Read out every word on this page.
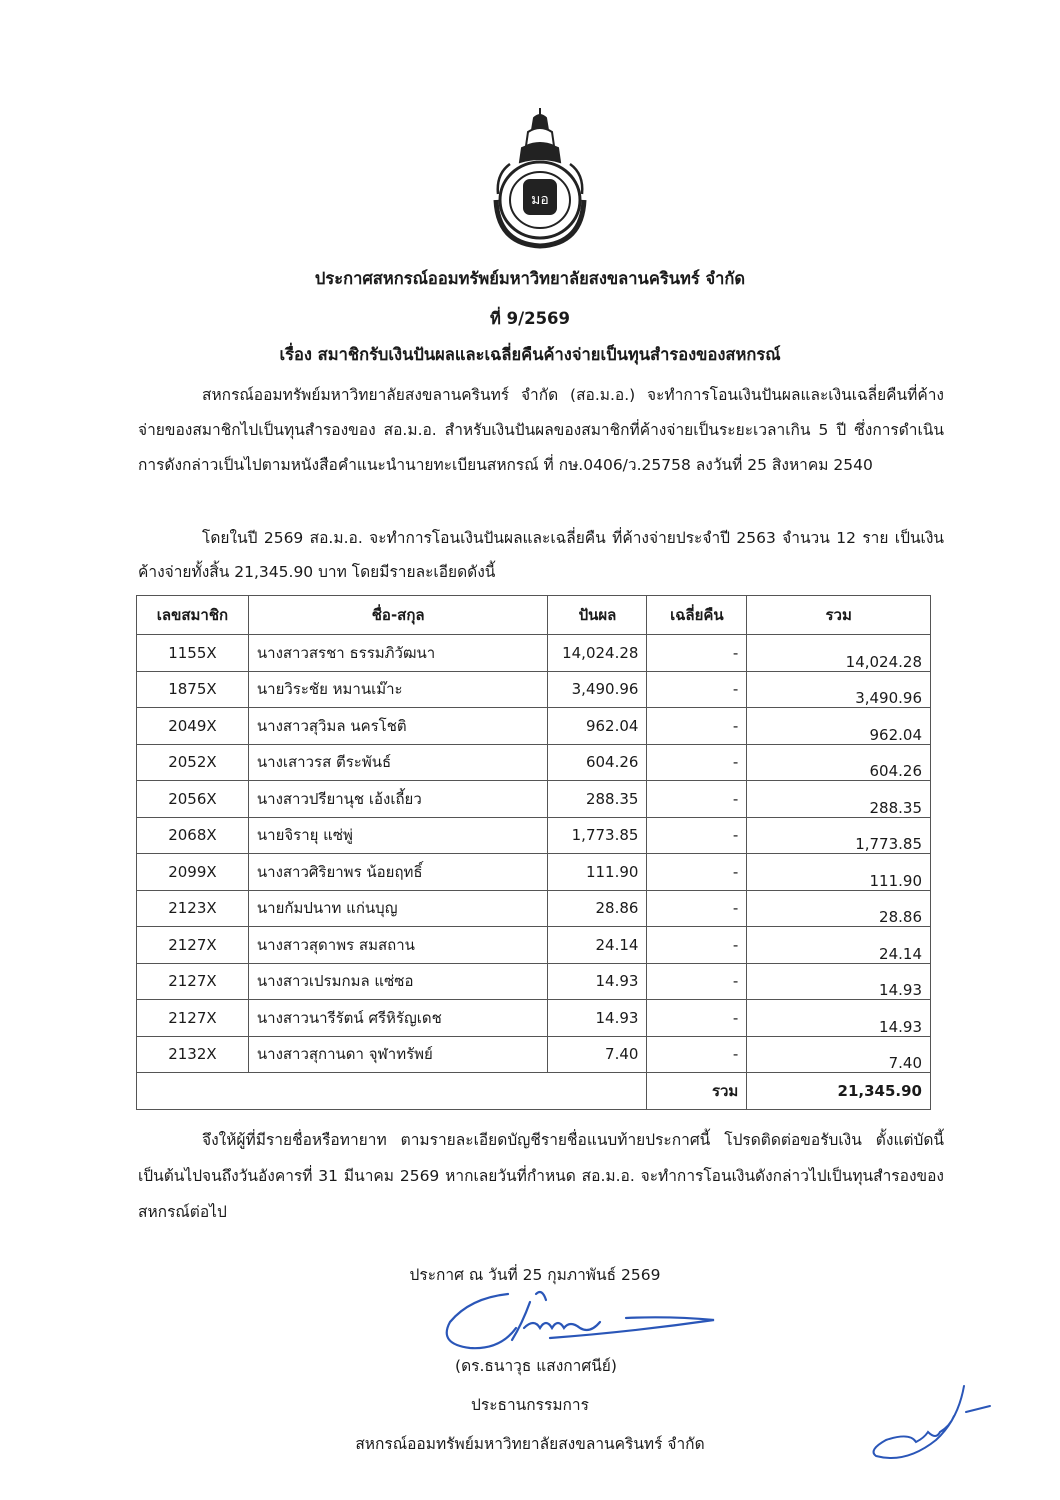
มอ
ประกาศสหกรณ์ออมทรัพย์มหาวิทยาลัยสงขลานครินทร์ จำกัด
ที่ 9/2569
เรื่อง สมาชิกรับเงินปันผลและเฉลี่ยคืนค้างจ่ายเป็นทุนสำรองของสหกรณ์

สหกรณ์ออมทรัพย์มหาวิทยาลัยสงขลานครินทร์ จำกัด (สอ.ม.อ.) จะทำการโอนเงินปันผลและเงินเฉลี่ยคืนที่ค้างจ่ายของสมาชิกไปเป็นทุนสำรองของ สอ.ม.อ. สำหรับเงินปันผลของสมาชิกที่ค้างจ่ายเป็นระยะเวลาเกิน 5 ปี ซึ่งการดำเนินการดังกล่าวเป็นไปตามหนังสือคำแนะนำนายทะเบียนสหกรณ์ ที่ กษ.0406/ว.25758 ลงวันที่ 25 สิงหาคม 2540

โดยในปี 2569 สอ.ม.อ. จะทำการโอนเงินปันผลและเฉลี่ยคืน ที่ค้างจ่ายประจำปี 2563 จำนวน 12 ราย เป็นเงินค้างจ่ายทั้งสิ้น 21,345.90 บาท โดยมีรายละเอียดดังนี้

เลขสมาชิก	ชื่อ-สกุล	ปันผล	เฉลี่ยคืน	รวม
1155X	นางสาวสรชา ธรรมภิวัฒนา	14,024.28	-	14,024.28
1875X	นายวิระชัย หมานเม๊าะ	3,490.96	-	3,490.96
2049X	นางสาวสุวิมล นครโชติ	962.04	-	962.04
2052X	นางเสาวรส ตีระพันธ์	604.26	-	604.26
2056X	นางสาวปรียานุช เอ้งเถี้ยว	288.35	-	288.35
2068X	นายจิรายุ แซ่พู่	1,773.85	-	1,773.85
2099X	นางสาวศิริยาพร น้อยฤทธิ์	111.90	-	111.90
2123X	นายกัมปนาท แก่นบุญ	28.86	-	28.86
2127X	นางสาวสุดาพร สมสถาน	24.14	-	24.14
2127X	นางสาวเปรมกมล แซ่ซอ	14.93	-	14.93
2127X	นางสาวนารีรัตน์ ศรีหิรัญเดช	14.93	-	14.93
2132X	นางสาวสุกานดา จุฬาทรัพย์	7.40	-	7.40
			รวม	21,345.90

จึงให้ผู้ที่มีรายชื่อหรือทายาท ตามรายละเอียดบัญชีรายชื่อแนบท้ายประกาศนี้ โปรดติดต่อขอรับเงิน ตั้งแต่บัดนี้เป็นต้นไปจนถึงวันอังคารที่ 31 มีนาคม 2569 หากเลยวันที่กำหนด สอ.ม.อ. จะทำการโอนเงินดังกล่าวไปเป็นทุนสำรองของสหกรณ์ต่อไป

ประกาศ ณ วันที่ 25 กุมภาพันธ์ 2569
(ดร.ธนาวุธ แสงกาศนีย์)
ประธานกรรมการ
สหกรณ์ออมทรัพย์มหาวิทยาลัยสงขลานครินทร์ จำกัด
